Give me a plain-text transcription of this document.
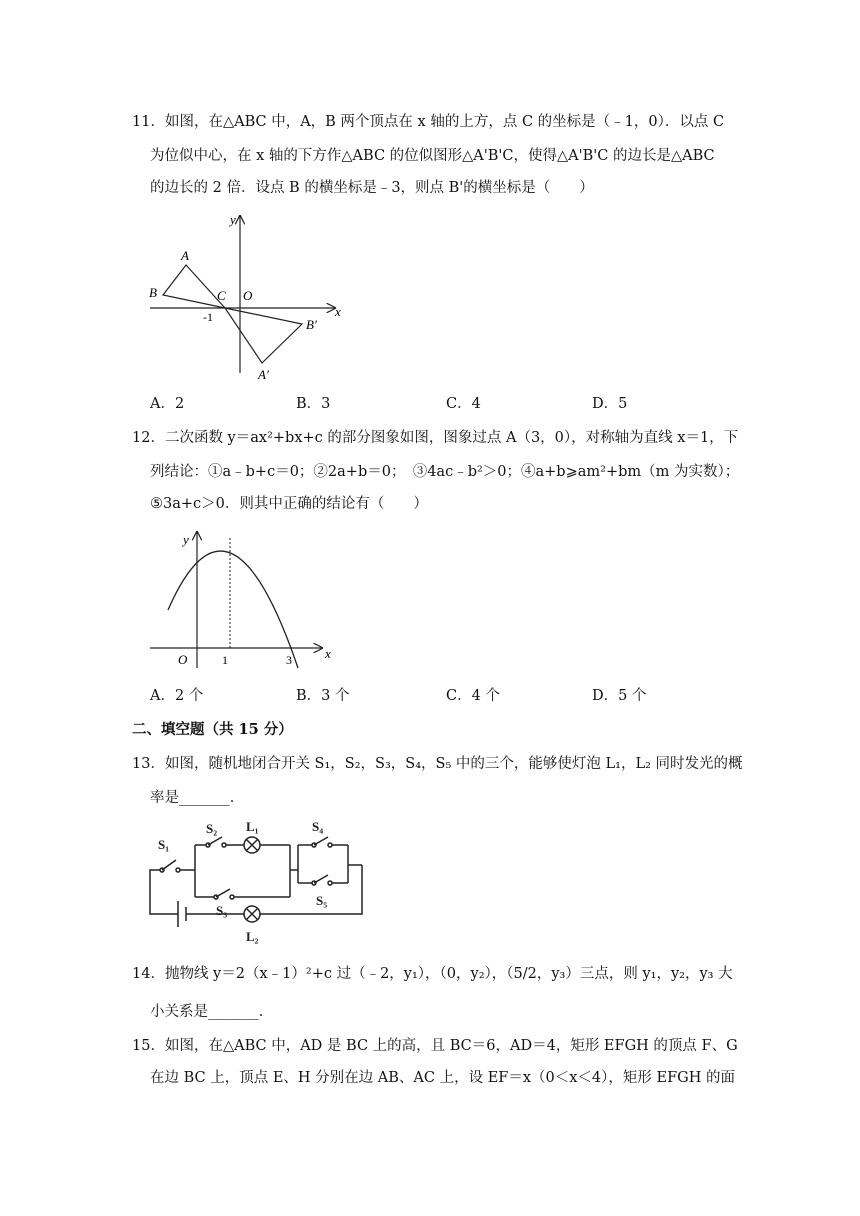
11．如图，在△ABC 中，A，B 两个顶点在 x 轴的上方，点 C 的坐标是（﹣1，0）．以点 C
为位似中心，在 x 轴的下方作△ABC 的位似图形△A'B'C，使得△A'B'C 的边长是△ABC
的边长的 2 倍．设点 B 的横坐标是﹣3，则点 B'的横坐标是（　　）
y
A
B	C O
-1	x
B′
A′
A．2	B．3	C．4	D．5
12．二次函数 y＝ax²+bx+c 的部分图象如图，图象过点 A（3，0），对称轴为直线 x＝1，下
列结论：①a﹣b+c＝0；②2a+b＝0；　③4ac﹣b²＞0；④a+b⩾am²+bm（m 为实数）；
⑤3a+c＞0．则其中正确的结论有（　　）
y
O	1	3	x
A．2 个	B．3 个	C．4 个	D．5 个
二、填空题（共 15 分）
13．如图，随机地闭合开关 S₁，S₂，S₃，S₄，S₅ 中的三个，能够使灯泡 L₁，L₂ 同时发光的概
率是_______．
S₁
S₂ L₁
S₃
S₄
S₅
L₂
14．抛物线 y＝2（x﹣1）²+c 过（﹣2，y₁），（0，y₂），（5/2，y₃）三点，则 y₁，y₂，y₃ 大
小关系是_______．
15．如图，在△ABC 中，AD 是 BC 上的高，且 BC＝6，AD＝4，矩形 EFGH 的顶点 F、G
在边 BC 上，顶点 E、H 分别在边 AB、AC 上，设 EF＝x（0＜x＜4），矩形 EFGH 的面
